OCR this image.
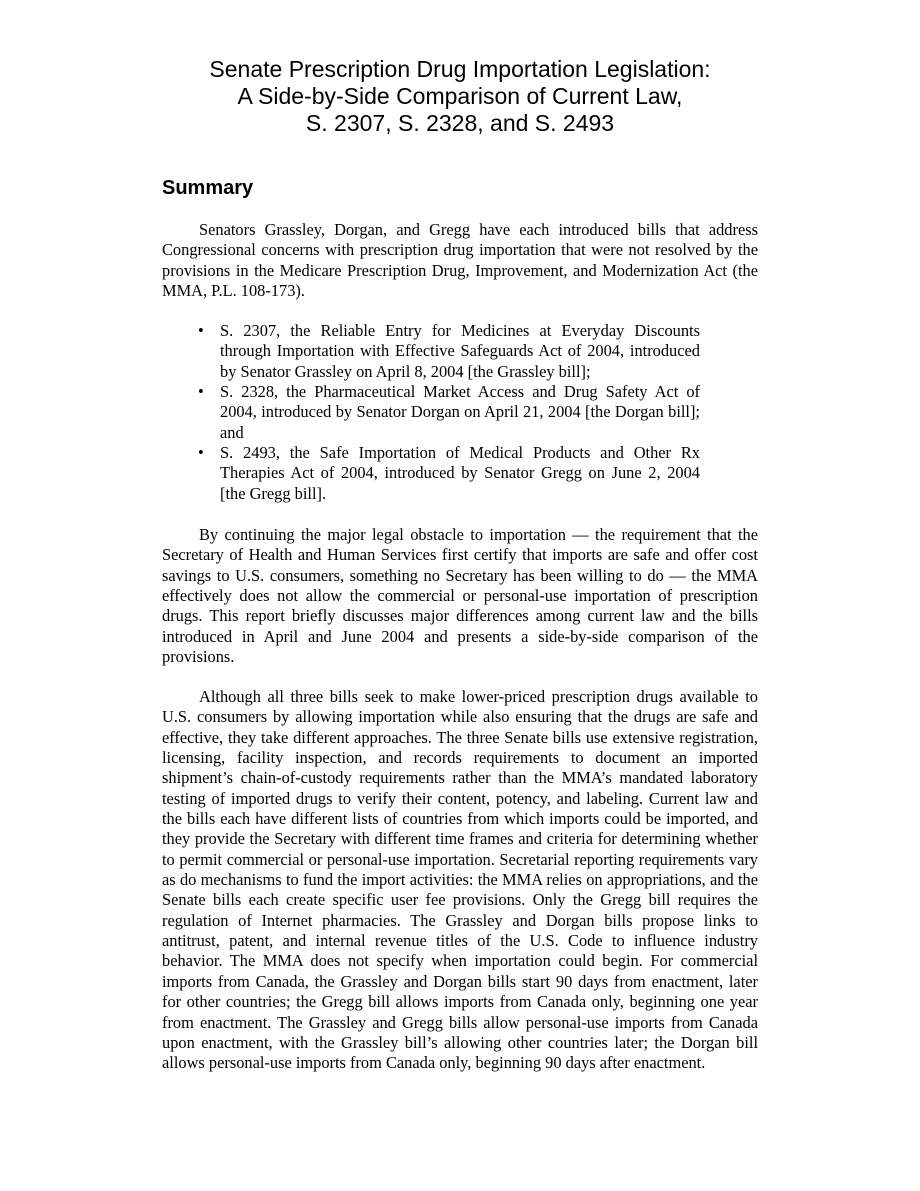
Senate Prescription Drug Importation Legislation:
A Side-by-Side Comparison of Current Law,
S. 2307, S. 2328, and S. 2493
Summary

Senators Grassley, Dorgan, and Gregg have each introduced bills that address Congressional concerns with prescription drug importation that were not resolved by the provisions in the Medicare Prescription Drug, Improvement, and Modernization Act (the MMA, P.L. 108-173).

• S. 2307, the Reliable Entry for Medicines at Everyday Discounts through Importation with Effective Safeguards Act of 2004, introduced by Senator Grassley on April 8, 2004 [the Grassley bill];
• S. 2328, the Pharmaceutical Market Access and Drug Safety Act of 2004, introduced by Senator Dorgan on April 21, 2004 [the Dorgan bill]; and
• S. 2493, the Safe Importation of Medical Products and Other Rx Therapies Act of 2004, introduced by Senator Gregg on June 2, 2004 [the Gregg bill].

By continuing the major legal obstacle to importation — the requirement that the Secretary of Health and Human Services first certify that imports are safe and offer cost savings to U.S. consumers, something no Secretary has been willing to do — the MMA effectively does not allow the commercial or personal-use importation of prescription drugs. This report briefly discusses major differences among current law and the bills introduced in April and June 2004 and presents a side-by-side comparison of the provisions.

Although all three bills seek to make lower-priced prescription drugs available to U.S. consumers by allowing importation while also ensuring that the drugs are safe and effective, they take different approaches. The three Senate bills use extensive registration, licensing, facility inspection, and records requirements to document an imported shipment’s chain-of-custody requirements rather than the MMA’s mandated laboratory testing of imported drugs to verify their content, potency, and labeling. Current law and the bills each have different lists of countries from which imports could be imported, and they provide the Secretary with different time frames and criteria for determining whether to permit commercial or personal-use importation. Secretarial reporting requirements vary as do mechanisms to fund the import activities: the MMA relies on appropriations, and the Senate bills each create specific user fee provisions. Only the Gregg bill requires the regulation of Internet pharmacies. The Grassley and Dorgan bills propose links to antitrust, patent, and internal revenue titles of the U.S. Code to influence industry behavior. The MMA does not specify when importation could begin. For commercial imports from Canada, the Grassley and Dorgan bills start 90 days from enactment, later for other countries; the Gregg bill allows imports from Canada only, beginning one year from enactment. The Grassley and Gregg bills allow personal-use imports from Canada upon enactment, with the Grassley bill’s allowing other countries later; the Dorgan bill allows personal-use imports from Canada only, beginning 90 days after enactment.
